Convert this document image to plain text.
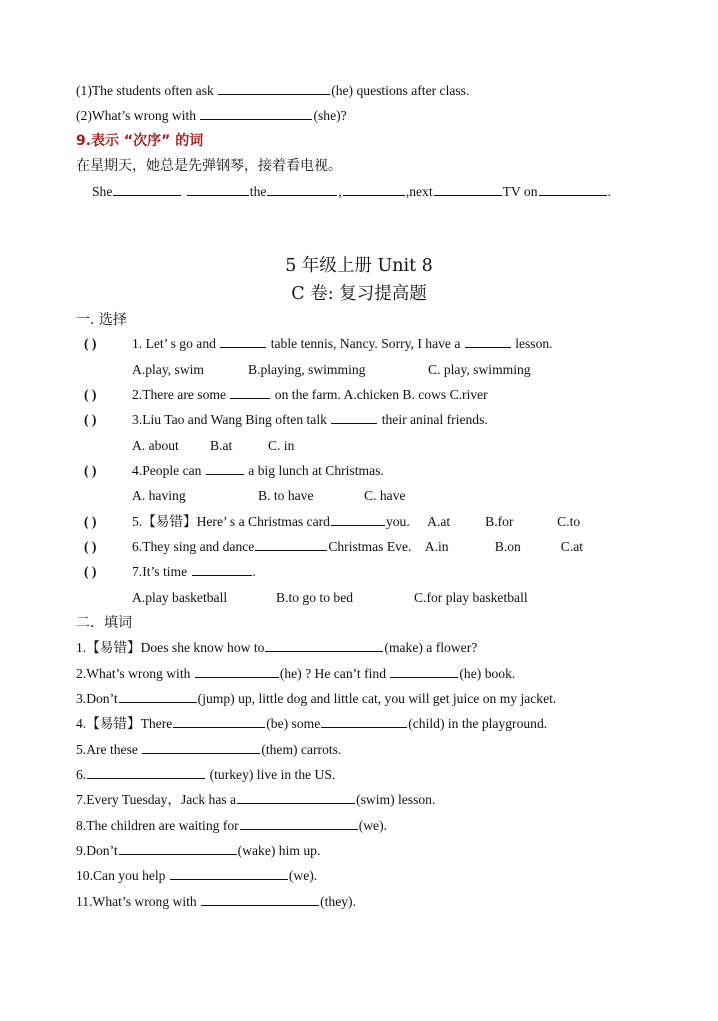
(1)The students often ask	(he) questions after class.
(2)What’s wrong with	(she)?
9.表示 “次序” 的词
在星期天，她总是先弹钢琴，接着看电视。
She	the	,	,next	TV on	.
5 年级上册 Unit 8
C 卷: 复习提高题
一. 选择
( )	1. Let’ s go and	table tennis, Nancy. Sorry, I have a	lesson.
A.play, swim	B.playing, swimming	C. play, swimming
( )	2.There are some	on the farm. A.chicken B. cows C.river
( )	3.Liu Tao and Wang Bing often talk	their aninal friends.
A. about B.at	C. in
( )	4.People can	a big lunch at Christmas.
A. having	B. to have	C. have
( )	5.【易错】Here’ s a Christmas card	you. A.at	B.for	C.to
( )	6.They sing and dance	Christmas Eve. A.in	B.on	C.at
( )	7.It’s time	.
A.play basketball	B.to go to bed	C.for play basketball
二．填词
1.【易错】Does she know how to	(make) a flower?
2.What’s wrong with	(he) ? He can’t find	(he) book.
3.Don’t	(jump) up, little dog and little cat, you will get juice on my jacket.
4.【易错】There	(be) some	(child) in the playground.
5.Are these	(them) carrots.
6.	(turkey) live in the US.
7.Every Tuesday，Jack has a	(swim) lesson.
8.The children are waiting for	(we).
9.Don’t	(wake) him up.
10.Can you help	(we).
11.What’s wrong with	(they).
